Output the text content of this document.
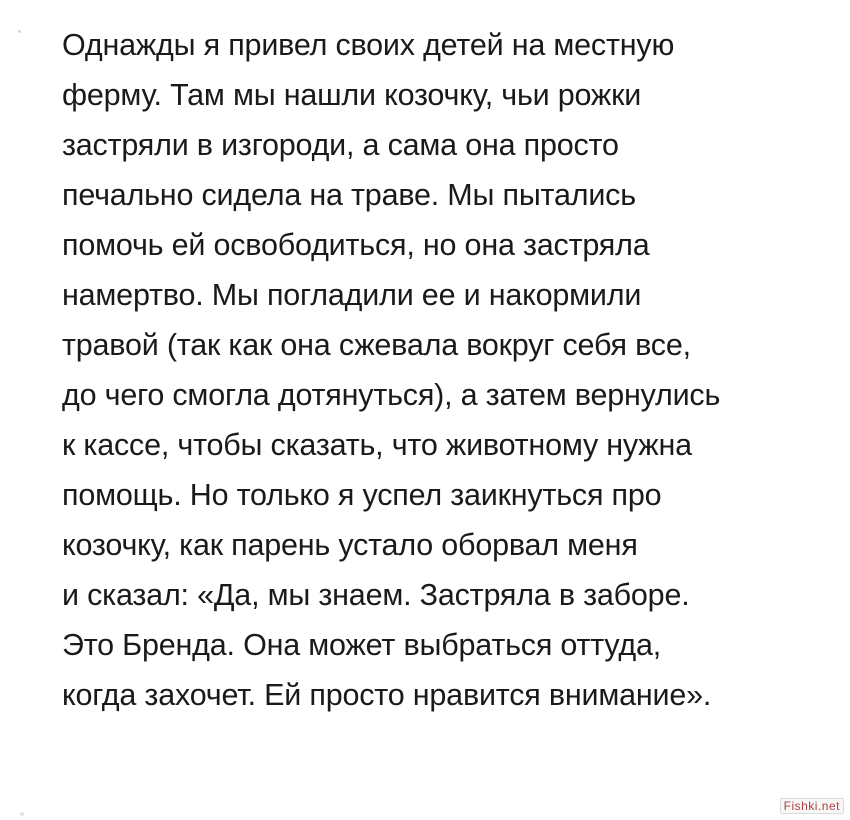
Однажды я привел своих детей на местную
ферму. Там мы нашли козочку, чьи рожки
застряли в изгороди, а сама она просто
печально сидела на траве. Мы пытались
помочь ей освободиться, но она застряла
намертво. Мы погладили ее и накормили
травой (так как она сжевала вокруг себя все,
до чего смогла дотянуться), а затем вернулись
к кассе, чтобы сказать, что животному нужна
помощь. Но только я успел заикнуться про
козочку, как парень устало оборвал меня
и сказал: «Да, мы знаем. Застряла в заборе.
Это Бренда. Она может выбраться оттуда,
когда захочет. Ей просто нравится внимание».
Fishki.net
